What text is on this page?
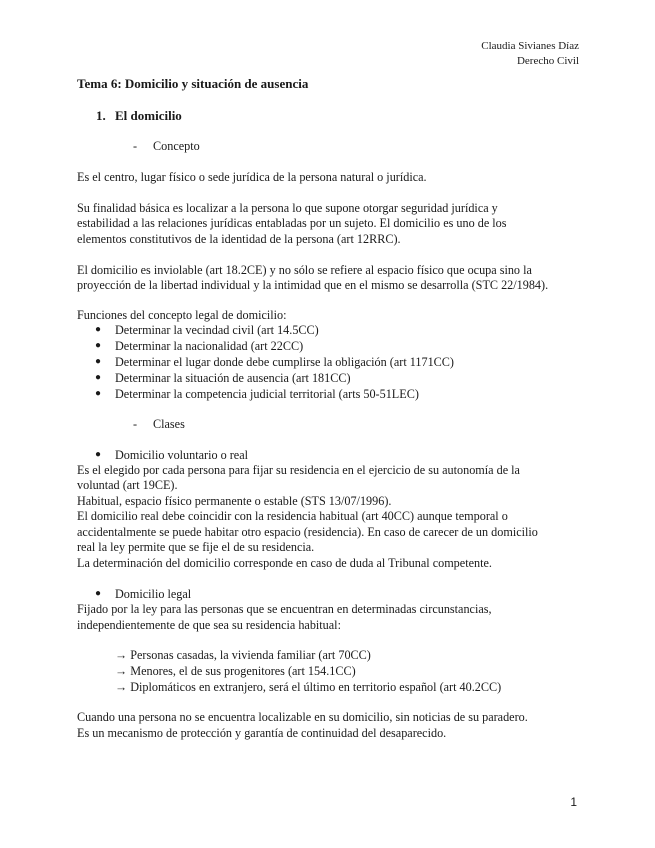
Claudia Sivianes Díaz
Derecho Civil
Tema 6: Domicilio y situación de ausencia
1. El domicilio
- Concepto
Es el centro, lugar físico o sede jurídica de la persona natural o jurídica.
Su finalidad básica es localizar a la persona lo que supone otorgar seguridad jurídica y
estabilidad a las relaciones jurídicas entabladas por un sujeto. El domicilio es uno de los
elementos constitutivos de la identidad de la persona (art 12RRC).
El domicilio es inviolable (art 18.2CE) y no sólo se refiere al espacio físico que ocupa sino la
proyección de la libertad individual y la intimidad que en el mismo se desarrolla (STC 22/1984).
Funciones del concepto legal de domicilio:
● Determinar la vecindad civil (art 14.5CC)
● Determinar la nacionalidad (art 22CC)
● Determinar el lugar donde debe cumplirse la obligación (art 1171CC)
● Determinar la situación de ausencia (art 181CC)
● Determinar la competencia judicial territorial (arts 50-51LEC)
- Clases
● Domicilio voluntario o real
Es el elegido por cada persona para fijar su residencia en el ejercicio de su autonomía de la
voluntad (art 19CE).
Habitual, espacio físico permanente o estable (STS 13/07/1996).
El domicilio real debe coincidir con la residencia habitual (art 40CC) aunque temporal o
accidentalmente se puede habitar otro espacio (residencia). En caso de carecer de un domicilio
real la ley permite que se fije el de su residencia.
La determinación del domicilio corresponde en caso de duda al Tribunal competente.
● Domicilio legal
Fijado por la ley para las personas que se encuentran en determinadas circunstancias,
independientemente de que sea su residencia habitual:
→ Personas casadas, la vivienda familiar (art 70CC)
→ Menores, el de sus progenitores (art 154.1CC)
→ Diplomáticos en extranjero, será el último en territorio español (art 40.2CC)
Cuando una persona no se encuentra localizable en su domicilio, sin noticias de su paradero.
Es un mecanismo de protección y garantía de continuidad del desaparecido.
1
